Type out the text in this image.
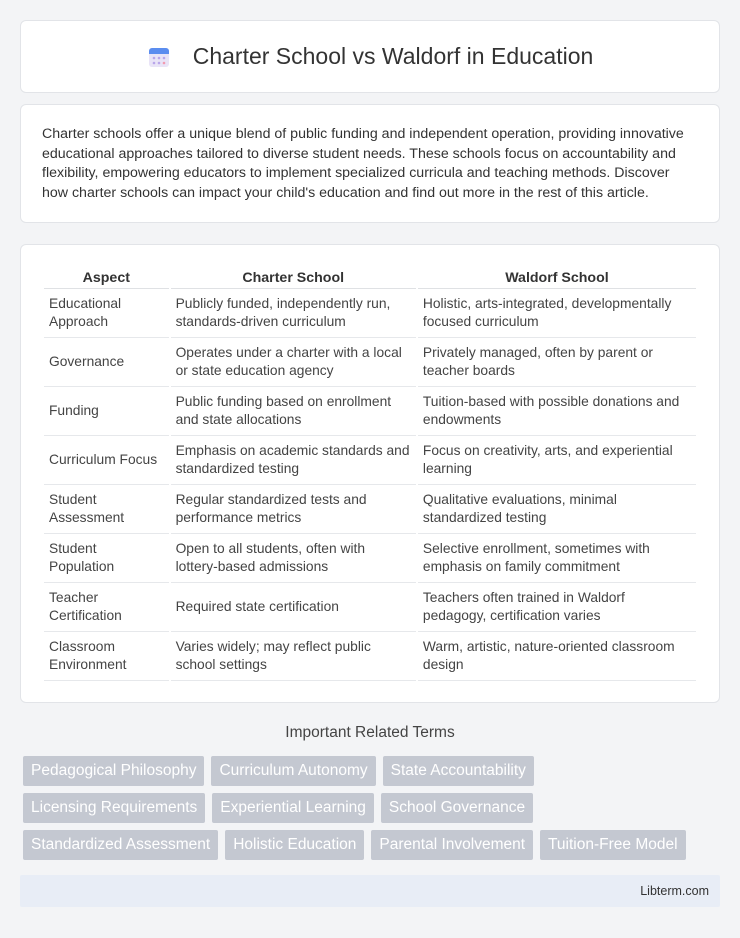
Charter School vs Waldorf in Education

Charter schools offer a unique blend of public funding and independent operation, providing innovative educational approaches tailored to diverse student needs. These schools focus on accountability and flexibility, empowering educators to implement specialized curricula and teaching methods. Discover how charter schools can impact your child's education and find out more in the rest of this article.

Aspect	Charter School	Waldorf School
Educational Approach	Publicly funded, independently run, standards-driven curriculum	Holistic, arts-integrated, developmentally focused curriculum
Governance	Operates under a charter with a local or state education agency	Privately managed, often by parent or teacher boards
Funding	Public funding based on enrollment and state allocations	Tuition-based with possible donations and endowments
Curriculum Focus	Emphasis on academic standards and standardized testing	Focus on creativity, arts, and experiential learning
Student Assessment	Regular standardized tests and performance metrics	Qualitative evaluations, minimal standardized testing
Student Population	Open to all students, often with lottery-based admissions	Selective enrollment, sometimes with emphasis on family commitment
Teacher Certification	Required state certification	Teachers often trained in Waldorf pedagogy, certification varies
Classroom Environment	Varies widely; may reflect public school settings	Warm, artistic, nature-oriented classroom design
Important Related Terms
Pedagogical Philosophy	Curriculum Autonomy	State Accountability
Licensing Requirements	Experiential Learning	School Governance
Standardized Assessment	Holistic Education	Parental Involvement	Tuition-Free Model
Libterm.com
